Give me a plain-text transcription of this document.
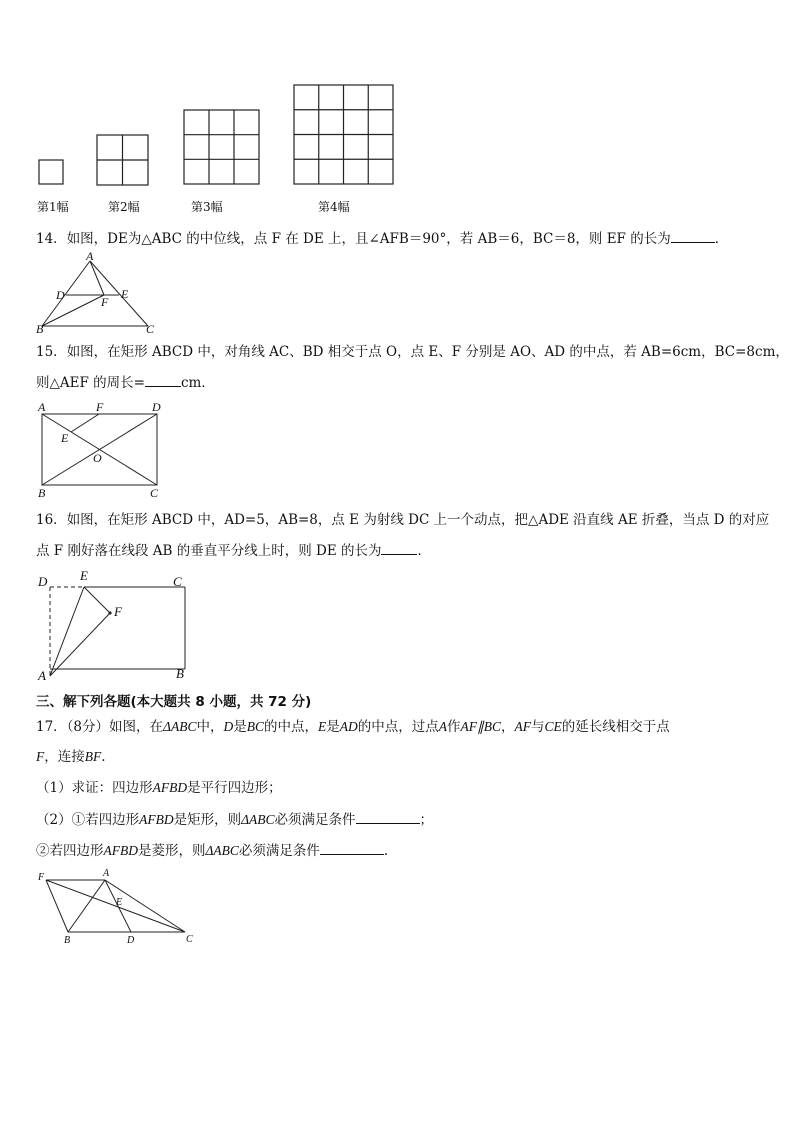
第1幅	第2幅	第3幅	第4幅
14．如图，DE为△ABC 的中位线，点 F 在 DE 上，且∠AFB＝90°，若 AB＝6，BC＝8，则 EF 的长为	．
A
D	E
F
B	C
15．如图，在矩形 ABCD 中，对角线 AC、BD 相交于点 O，点 E、F 分别是 AO、AD 的中点，若 AB=6cm，BC=8cm，
则△AEF 的周长=	cm．
A	F	D
E
O
B	C
16．如图，在矩形 ABCD 中，AD=5，AB=8，点 E 为射线 DC 上一个动点，把△ADE 沿直线 AE 折叠，当点 D 的对应
点 F 刚好落在线段 AB 的垂直平分线上时，则 DE 的长为	．
D	E	C
F
A	B
三、解下列各题(本大题共 8 小题，共 72 分)
17．（8分）如图，在ΔABC中，D是BC的中点，E是AD的中点，过点A作AF∥BC，AF与CE的延长线相交于点
F，连接BF.
（1）求证：四边形AFBD是平行四边形；
（2）①若四边形AFBD是矩形，则ΔABC必须满足条件	；
②若四边形AFBD是菱形，则ΔABC必须满足条件	.
F	A
E
B	D	C
